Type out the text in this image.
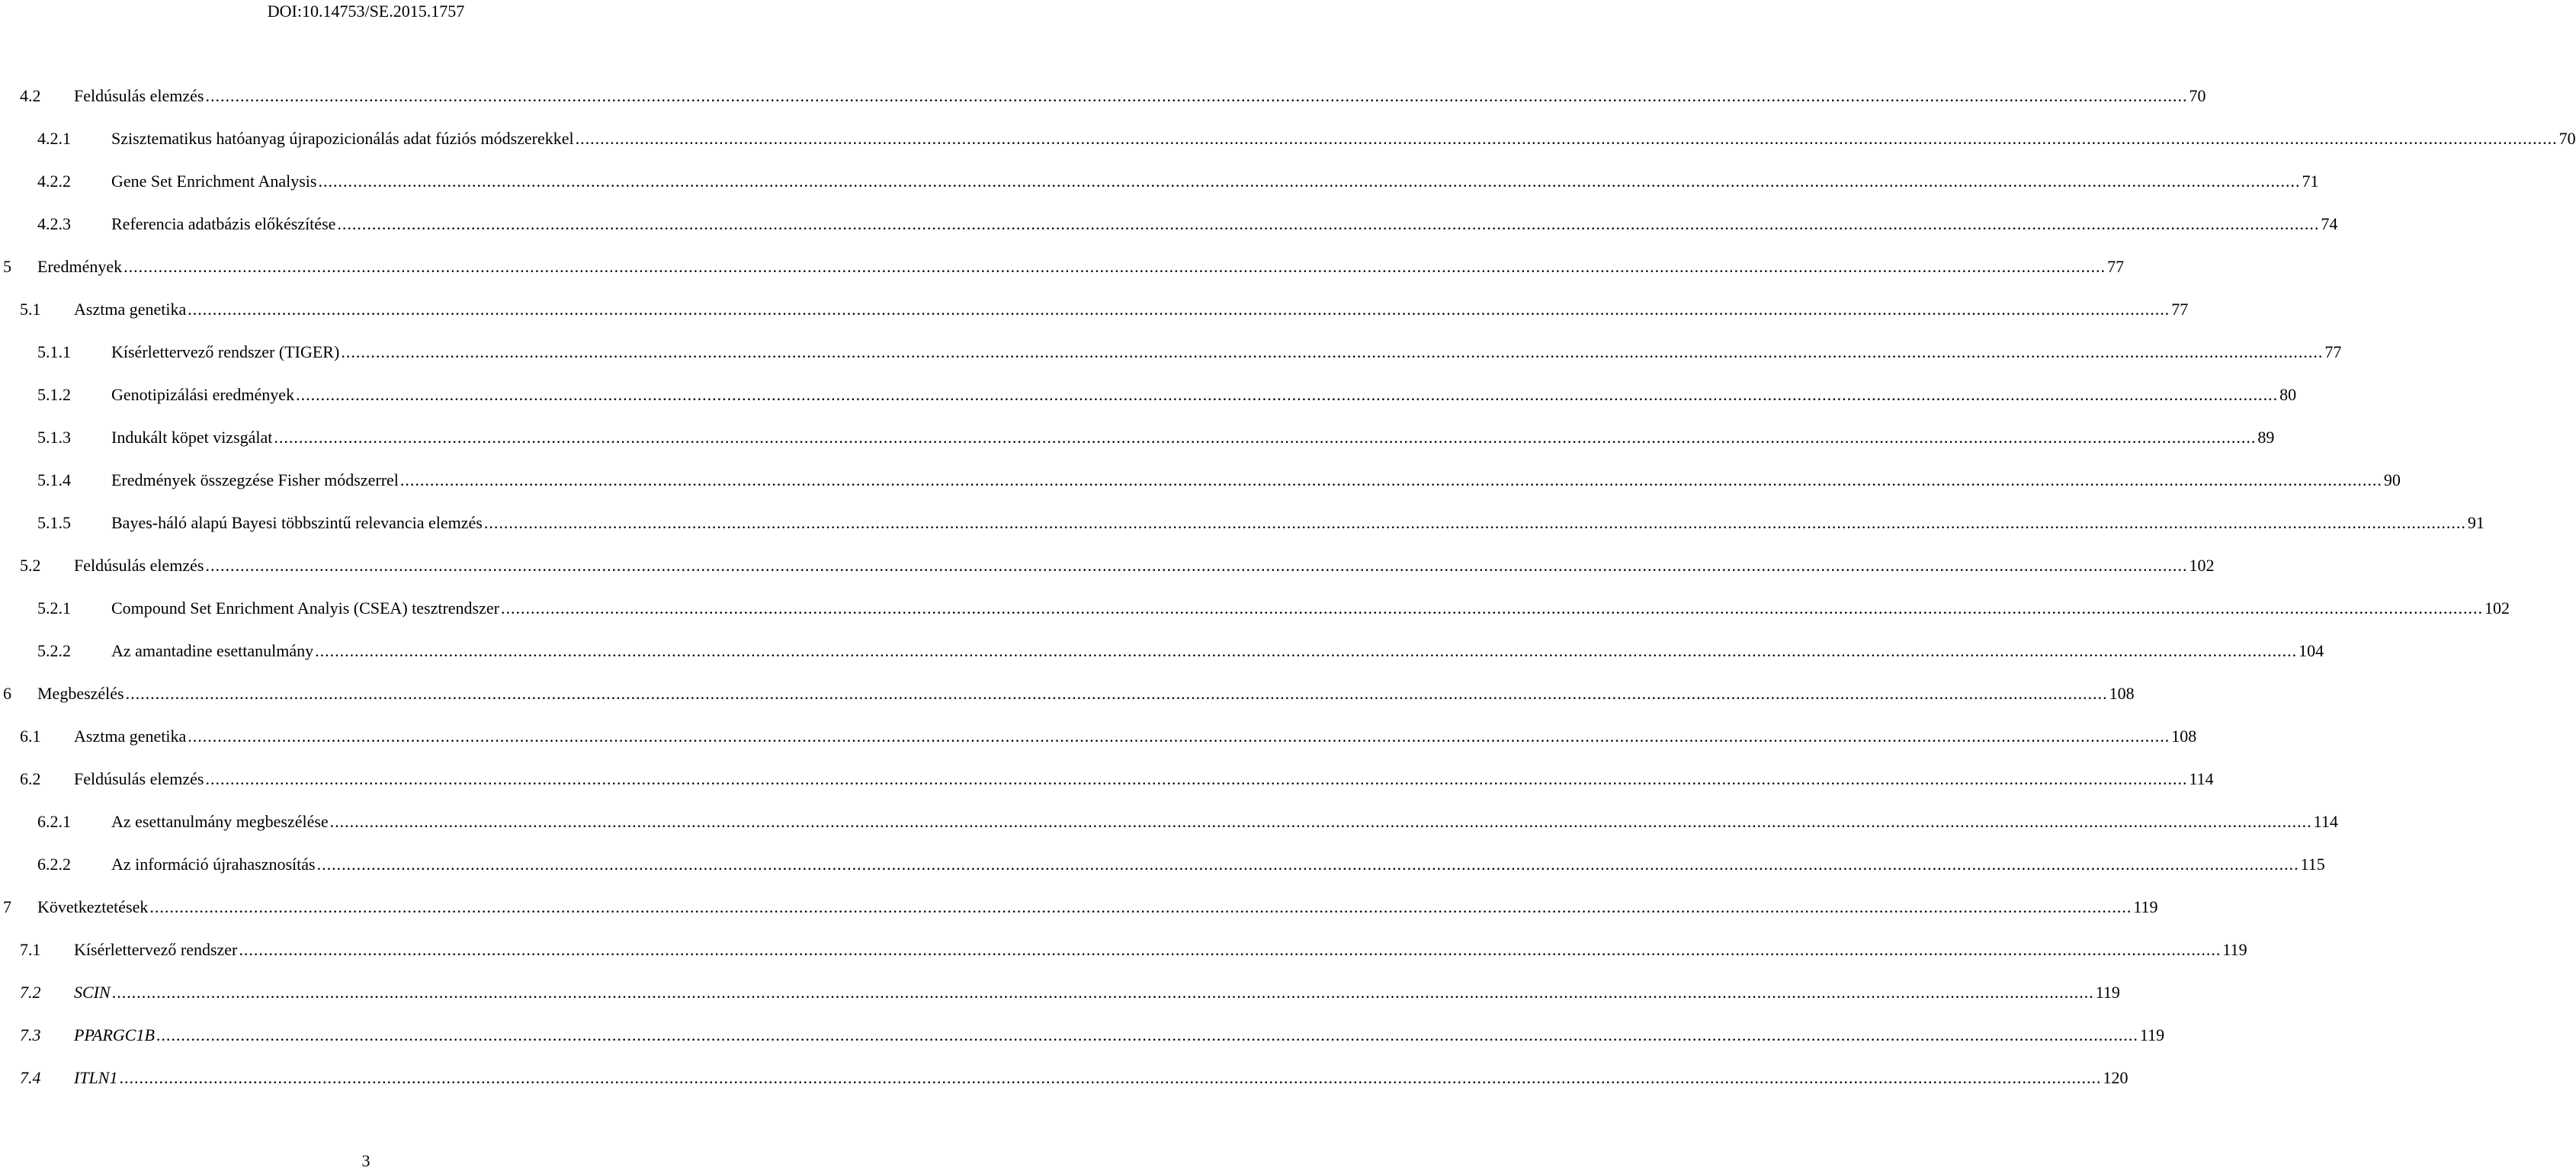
DOI:10.14753/SE.2015.1757
4.2 Feldúsulás elemzés ................................................................................................................................................................................................................................................................................................................................................................................................................ 70
4.2.1 Szisztematikus hatóanyag újrapozicionálás adat fúziós módszerekkel ................................................................................................................................................................................................................................................................................................................................................................................................................ 70
4.2.2 Gene Set Enrichment Analysis ................................................................................................................................................................................................................................................................................................................................................................................................................ 71
4.2.3 Referencia adatbázis előkészítése ................................................................................................................................................................................................................................................................................................................................................................................................................ 74
5 Eredmények ................................................................................................................................................................................................................................................................................................................................................................................................................ 77
5.1 Asztma genetika ................................................................................................................................................................................................................................................................................................................................................................................................................ 77
5.1.1 Kísérlettervező rendszer (TIGER) ................................................................................................................................................................................................................................................................................................................................................................................................................ 77
5.1.2 Genotipizálási eredmények ................................................................................................................................................................................................................................................................................................................................................................................................................ 80
5.1.3 Indukált köpet vizsgálat ................................................................................................................................................................................................................................................................................................................................................................................................................ 89
5.1.4 Eredmények összegzése Fisher módszerrel ................................................................................................................................................................................................................................................................................................................................................................................................................ 90
5.1.5 Bayes-háló alapú Bayesi többszintű relevancia elemzés ................................................................................................................................................................................................................................................................................................................................................................................................................ 91
5.2 Feldúsulás elemzés ................................................................................................................................................................................................................................................................................................................................................................................................................ 102
5.2.1 Compound Set Enrichment Analyis (CSEA) tesztrendszer ................................................................................................................................................................................................................................................................................................................................................................................................................ 102
5.2.2 Az amantadine esettanulmány ................................................................................................................................................................................................................................................................................................................................................................................................................ 104
6 Megbeszélés ................................................................................................................................................................................................................................................................................................................................................................................................................ 108
6.1 Asztma genetika ................................................................................................................................................................................................................................................................................................................................................................................................................ 108
6.2 Feldúsulás elemzés ................................................................................................................................................................................................................................................................................................................................................................................................................ 114
6.2.1 Az esettanulmány megbeszélése ................................................................................................................................................................................................................................................................................................................................................................................................................ 114
6.2.2 Az információ újrahasznosítás ................................................................................................................................................................................................................................................................................................................................................................................................................ 115
7 Következtetések ................................................................................................................................................................................................................................................................................................................................................................................................................ 119
7.1 Kísérlettervező rendszer ................................................................................................................................................................................................................................................................................................................................................................................................................ 119
7.2 SCIN ................................................................................................................................................................................................................................................................................................................................................................................................................ 119
7.3 PPARGC1B ................................................................................................................................................................................................................................................................................................................................................................................................................ 119
7.4 ITLN1 ................................................................................................................................................................................................................................................................................................................................................................................................................ 120
3
